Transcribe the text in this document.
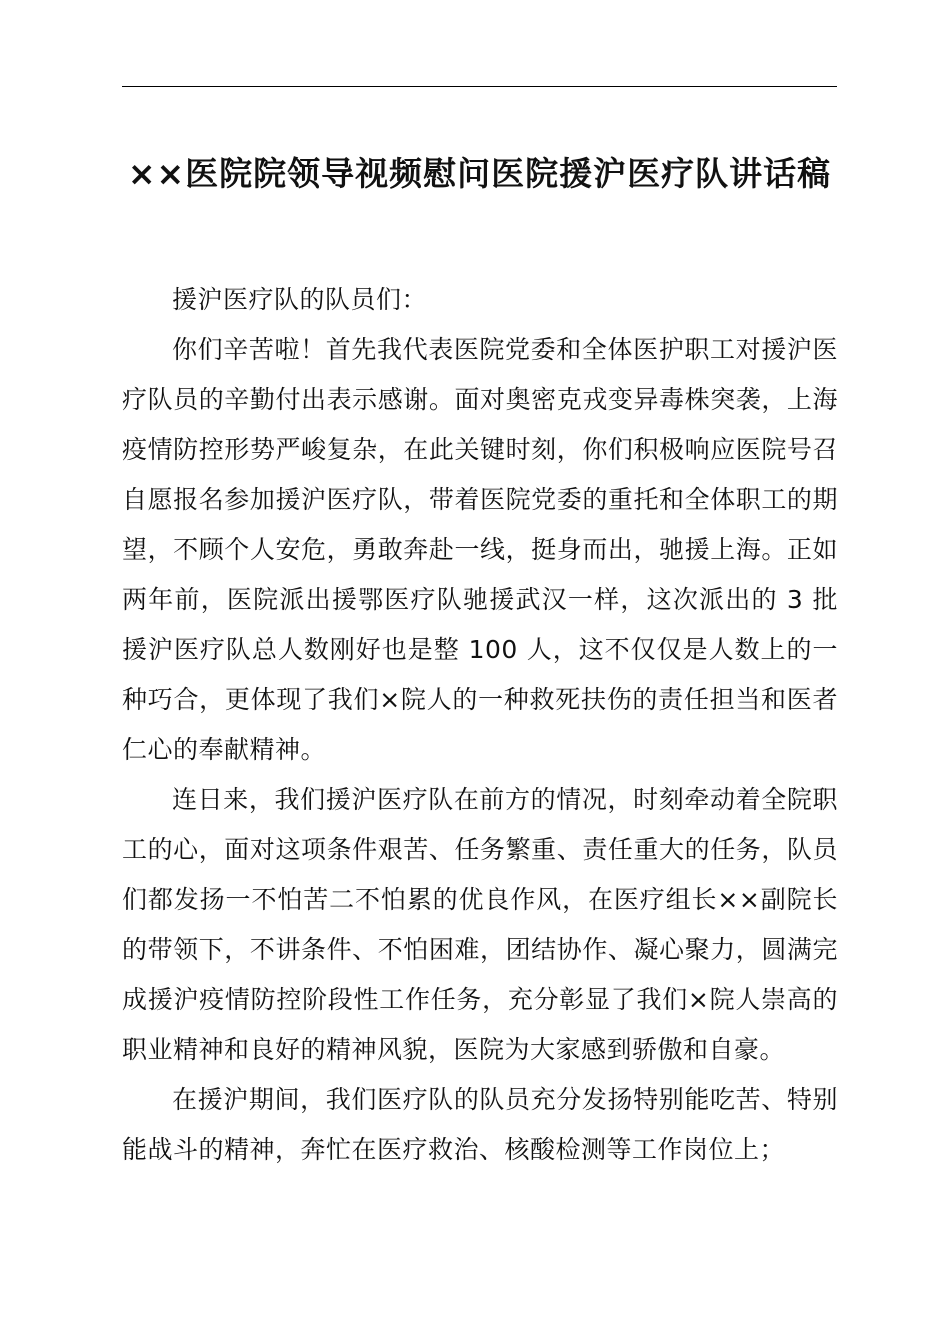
××医院院领导视频慰问医院援沪医疗队讲话稿

援沪医疗队的队员们：

你们辛苦啦！首先我代表医院党委和全体医护职工对援沪医疗队员的辛勤付出表示感谢。面对奥密克戎变异毒株突袭，上海疫情防控形势严峻复杂，在此关键时刻，你们积极响应医院号召自愿报名参加援沪医疗队，带着医院党委的重托和全体职工的期望，不顾个人安危，勇敢奔赴一线，挺身而出，驰援上海。正如两年前，医院派出援鄂医疗队驰援武汉一样，这次派出的 3 批援沪医疗队总人数刚好也是整 100 人，这不仅仅是人数上的一种巧合，更体现了我们×院人的一种救死扶伤的责任担当和医者仁心的奉献精神。

连日来，我们援沪医疗队在前方的情况，时刻牵动着全院职工的心，面对这项条件艰苦、任务繁重、责任重大的任务，队员们都发扬一不怕苦二不怕累的优良作风，在医疗组长××副院长的带领下，不讲条件、不怕困难，团结协作、凝心聚力，圆满完成援沪疫情防控阶段性工作任务，充分彰显了我们×院人崇高的职业精神和良好的精神风貌，医院为大家感到骄傲和自豪。

在援沪期间，我们医疗队的队员充分发扬特别能吃苦、特别能战斗的精神，奔忙在医疗救治、核酸检测等工作岗位上；
